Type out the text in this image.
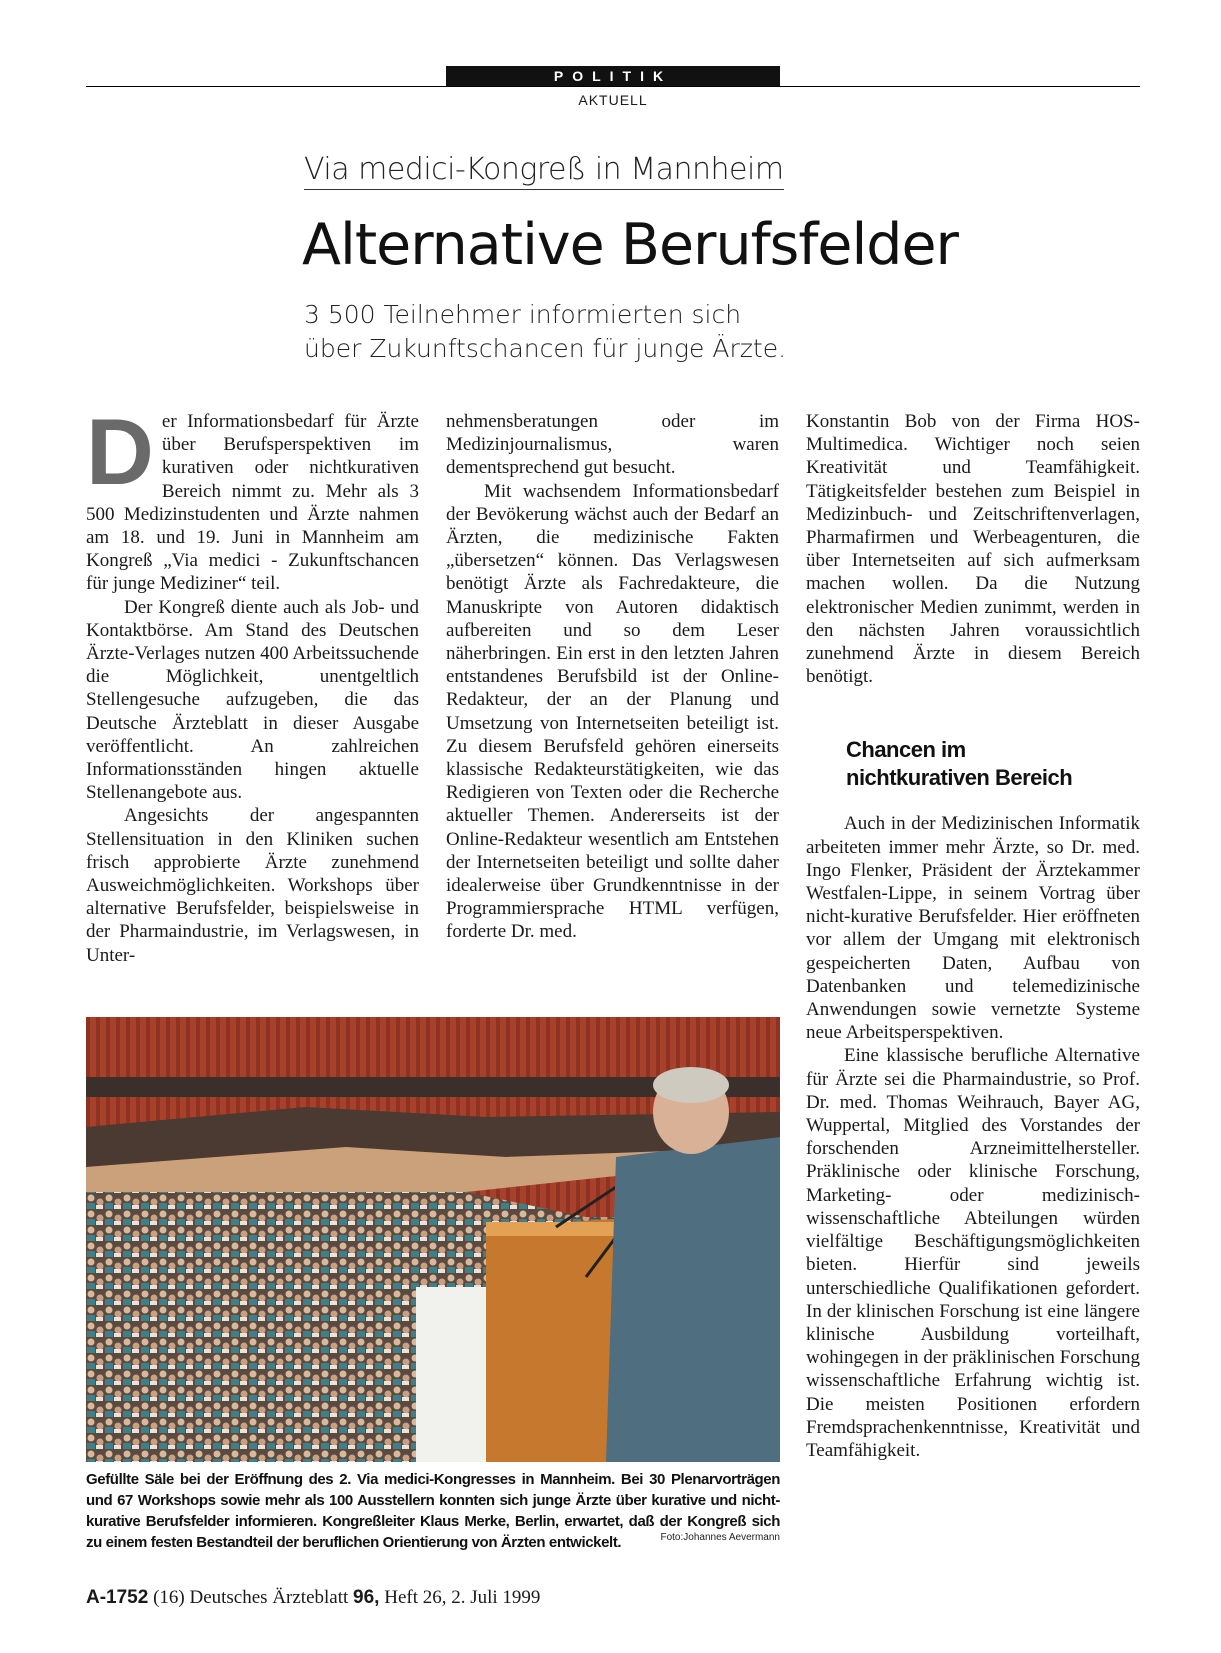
POLITIK
AKTUELL
Via medici-Kongreß in Mannheim
Alternative Berufsfelder
3 500 Teilnehmer informierten sich
über Zukunftschancen für junge Ärzte.

Der Informationsbedarf für Ärzte über Berufsperspektiven im kurativen oder nichtkurativen Bereich nimmt zu. Mehr als 3 500 Medizinstudenten und Ärzte nahmen am 18. und 19. Juni in Mannheim am Kongreß „Via medici - Zukunftschancen für junge Mediziner“ teil.

Der Kongreß diente auch als Job- und Kontaktbörse. Am Stand des Deutschen Ärzte-Verlages nutzen 400 Arbeitssuchende die Möglichkeit, unentgeltlich Stellengesuche aufzugeben, die das Deutsche Ärzteblatt in dieser Ausgabe veröffentlicht. An zahlreichen Informationsständen hingen aktuelle Stellenangebote aus.

Angesichts der angespannten Stellensituation in den Kliniken suchen frisch approbierte Ärzte zunehmend Ausweichmöglichkeiten. Workshops über alternative Berufsfelder, beispielsweise in der Pharmaindustrie, im Verlagswesen, in Unter-

nehmensberatungen oder im Medizinjournalismus, waren dementsprechend gut besucht.

Mit wachsendem Informationsbedarf der Bevökerung wächst auch der Bedarf an Ärzten, die medizinische Fakten „übersetzen“ können. Das Verlagswesen benötigt Ärzte als Fachredakteure, die Manuskripte von Autoren didaktisch aufbereiten und so dem Leser näherbringen. Ein erst in den letzten Jahren entstandenes Berufsbild ist der Online-Redakteur, der an der Planung und Umsetzung von Internetseiten beteiligt ist. Zu diesem Berufsfeld gehören einerseits klassische Redakteurstätigkeiten, wie das Redigieren von Texten oder die Recherche aktueller Themen. Andererseits ist der Online-Redakteur wesentlich am Entstehen der Internetseiten beteiligt und sollte daher idealerweise über Grundkenntnisse in der Programmiersprache HTML verfügen, forderte Dr. med.

Konstantin Bob von der Firma HOS-Multimedica. Wichtiger noch seien Kreativität und Teamfähigkeit. Tätigkeitsfelder bestehen zum Beispiel in Medizinbuch- und Zeitschriftenverlagen, Pharmafirmen und Werbeagenturen, die über Internetseiten auf sich aufmerksam machen wollen. Da die Nutzung elektronischer Medien zunimmt, werden in den nächsten Jahren voraussichtlich zunehmend Ärzte in diesem Bereich benötigt.

Chancen im
nichtkurativen Bereich

Auch in der Medizinischen Informatik arbeiteten immer mehr Ärzte, so Dr. med. Ingo Flenker, Präsident der Ärztekammer Westfalen-Lippe, in seinem Vortrag über nicht-kurative Berufsfelder. Hier eröffneten vor allem der Umgang mit elektronisch gespeicherten Daten, Aufbau von Datenbanken und telemedizinische Anwendungen sowie vernetzte Systeme neue Arbeitsperspektiven.

Eine klassische berufliche Alternative für Ärzte sei die Pharmaindustrie, so Prof. Dr. med. Thomas Weihrauch, Bayer AG, Wuppertal, Mitglied des Vorstandes der forschenden Arzneimittelhersteller. Präklinische oder klinische Forschung, Marketing- oder medizinisch-wissenschaftliche Abteilungen würden vielfältige Beschäftigungsmöglichkeiten bieten. Hierfür sind jeweils unterschiedliche Qualifikationen gefordert. In der klinischen Forschung ist eine längere klinische Ausbildung vorteilhaft, wohingegen in der präklinischen Forschung wissenschaftliche Erfahrung wichtig ist. Die meisten Positionen erfordern Fremdsprachenkenntnisse, Kreativität und Teamfähigkeit.

Gefüllte Säle bei der Eröffnung des 2. Via medici-Kongresses in Mannheim. Bei 30 Plenarvorträgen und 67 Workshops sowie mehr als 100 Ausstellern konnten sich junge Ärzte über kurative und nicht-kurative Berufsfelder informieren. Kongreßleiter Klaus Merke, Berlin, erwartet, daß der Kongreß sich zu einem festen Bestandteil der beruflichen Orientierung von Ärzten entwickelt.	Foto:Johannes Aevermann
A-1752 (16) Deutsches Ärzteblatt 96, Heft 26, 2. Juli 1999
